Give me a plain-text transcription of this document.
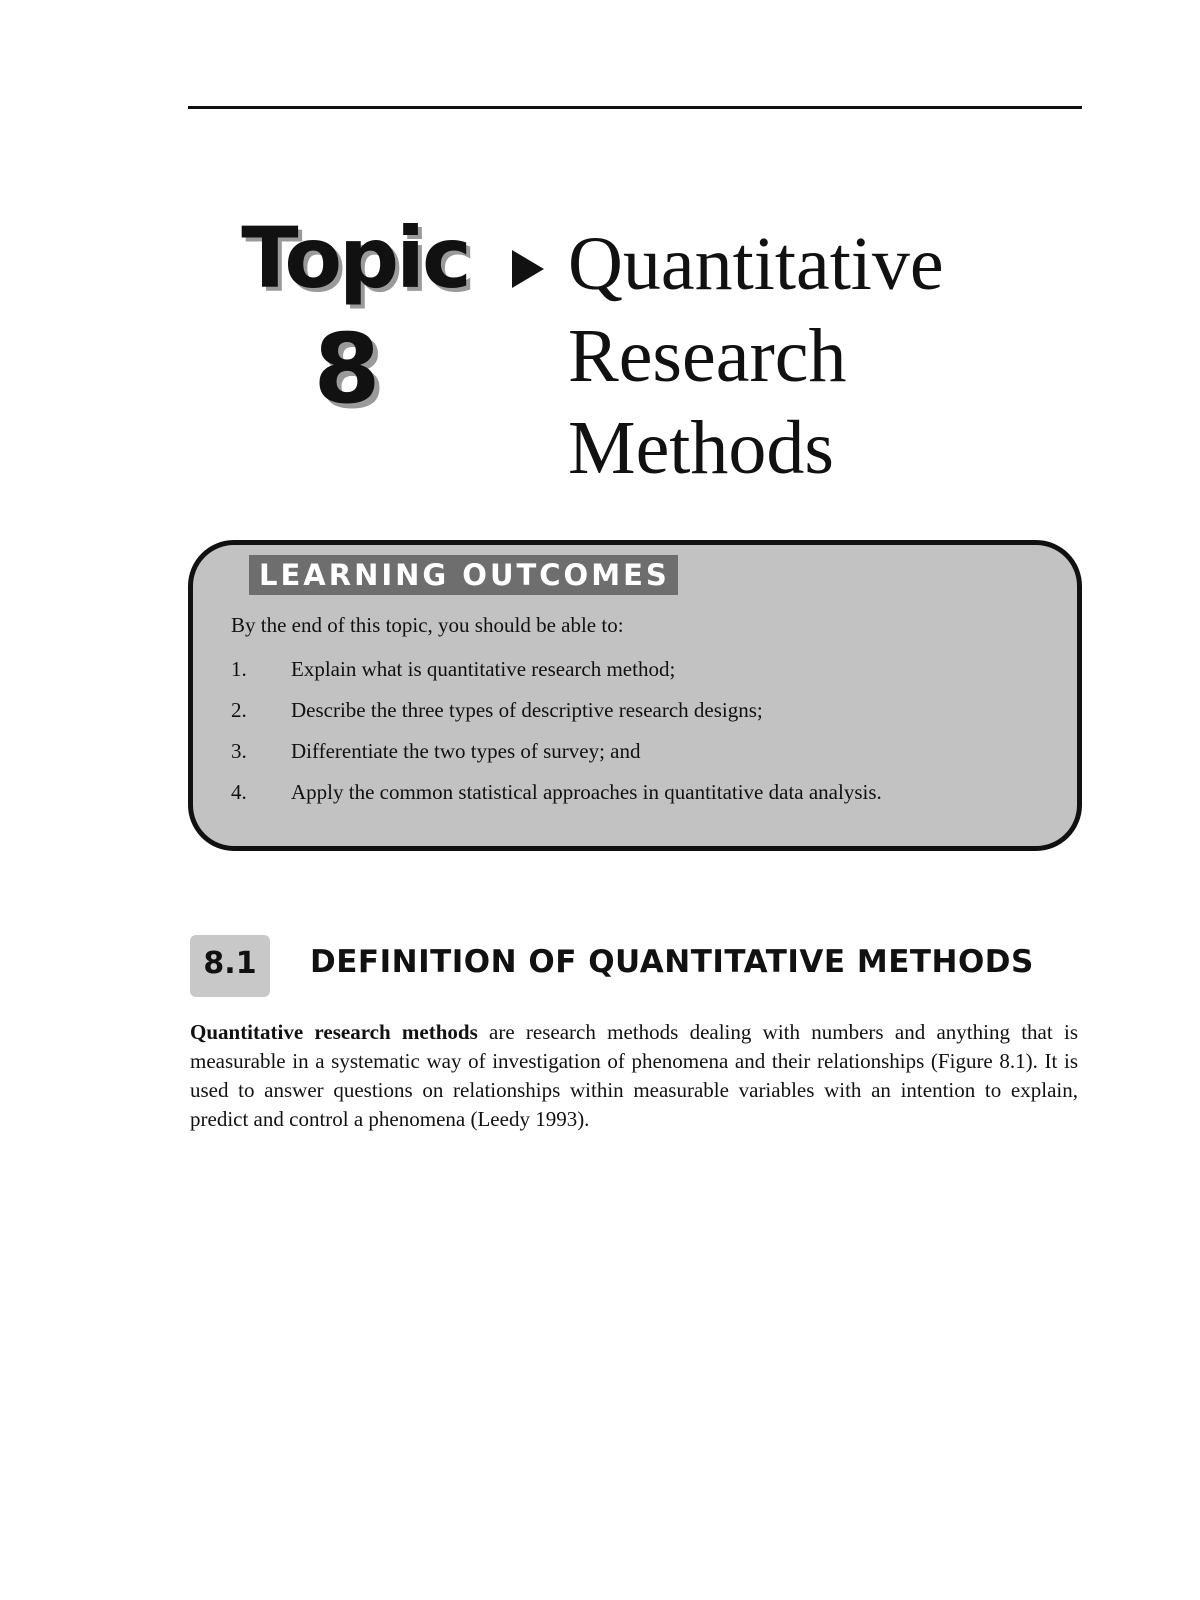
Topic
8
Quantitative
Research
Methods
LEARNING OUTCOMES
By the end of this topic, you should be able to:
1.	Explain what is quantitative research method;
2.	Describe the three types of descriptive research designs;
3.	Differentiate the two types of survey; and
4.	Apply the common statistical approaches in quantitative data analysis.
8.1	DEFINITION OF QUANTITATIVE METHODS

Quantitative research methods are research methods dealing with numbers and anything that is measurable in a systematic way of investigation of phenomena and their relationships (Figure 8.1). It is used to answer questions on relationships within measurable variables with an intention to explain, predict and control a phenomena (Leedy 1993).
